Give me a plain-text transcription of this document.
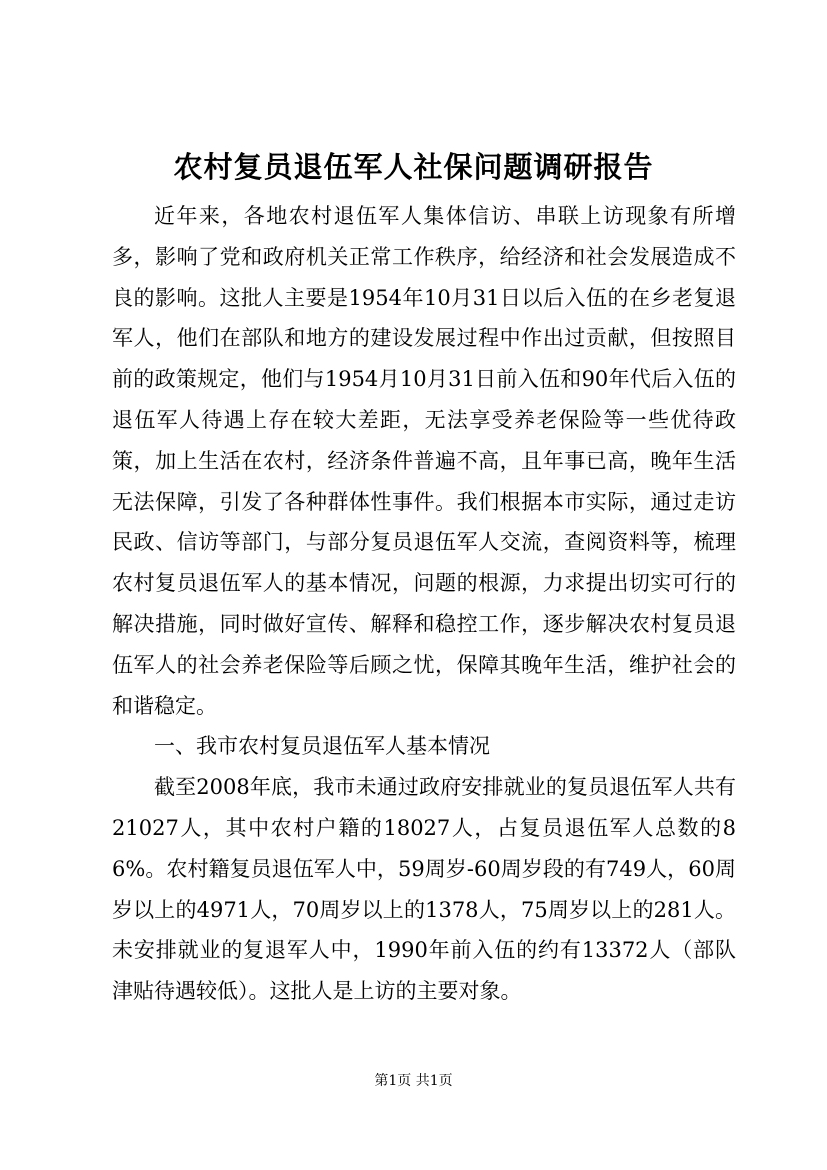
农村复员退伍军人社保问题调研报告

近年来，各地农村退伍军人集体信访、串联上访现象有所增多，影响了党和政府机关正常工作秩序，给经济和社会发展造成不良的影响。这批人主要是1954年10月31日以后入伍的在乡老复退军人，他们在部队和地方的建设发展过程中作出过贡献，但按照目前的政策规定，他们与1954月10月31日前入伍和90年代后入伍的退伍军人待遇上存在较大差距，无法享受养老保险等一些优待政策，加上生活在农村，经济条件普遍不高，且年事已高，晚年生活无法保障，引发了各种群体性事件。我们根据本市实际，通过走访民政、信访等部门，与部分复员退伍军人交流，查阅资料等，梳理农村复员退伍军人的基本情况，问题的根源，力求提出切实可行的解决措施，同时做好宣传、解释和稳控工作，逐步解决农村复员退伍军人的社会养老保险等后顾之忧，保障其晚年生活，维护社会的和谐稳定。

一、我市农村复员退伍军人基本情况

截至2008年底，我市未通过政府安排就业的复员退伍军人共有21027人，其中农村户籍的18027人，占复员退伍军人总数的86%。农村籍复员退伍军人中，59周岁-60周岁段的有749人，60周岁以上的4971人，70周岁以上的1378人，75周岁以上的281人。未安排就业的复退军人中，1990年前入伍的约有13372人（部队津贴待遇较低）。这批人是上访的主要对象。

第1页 共1页
